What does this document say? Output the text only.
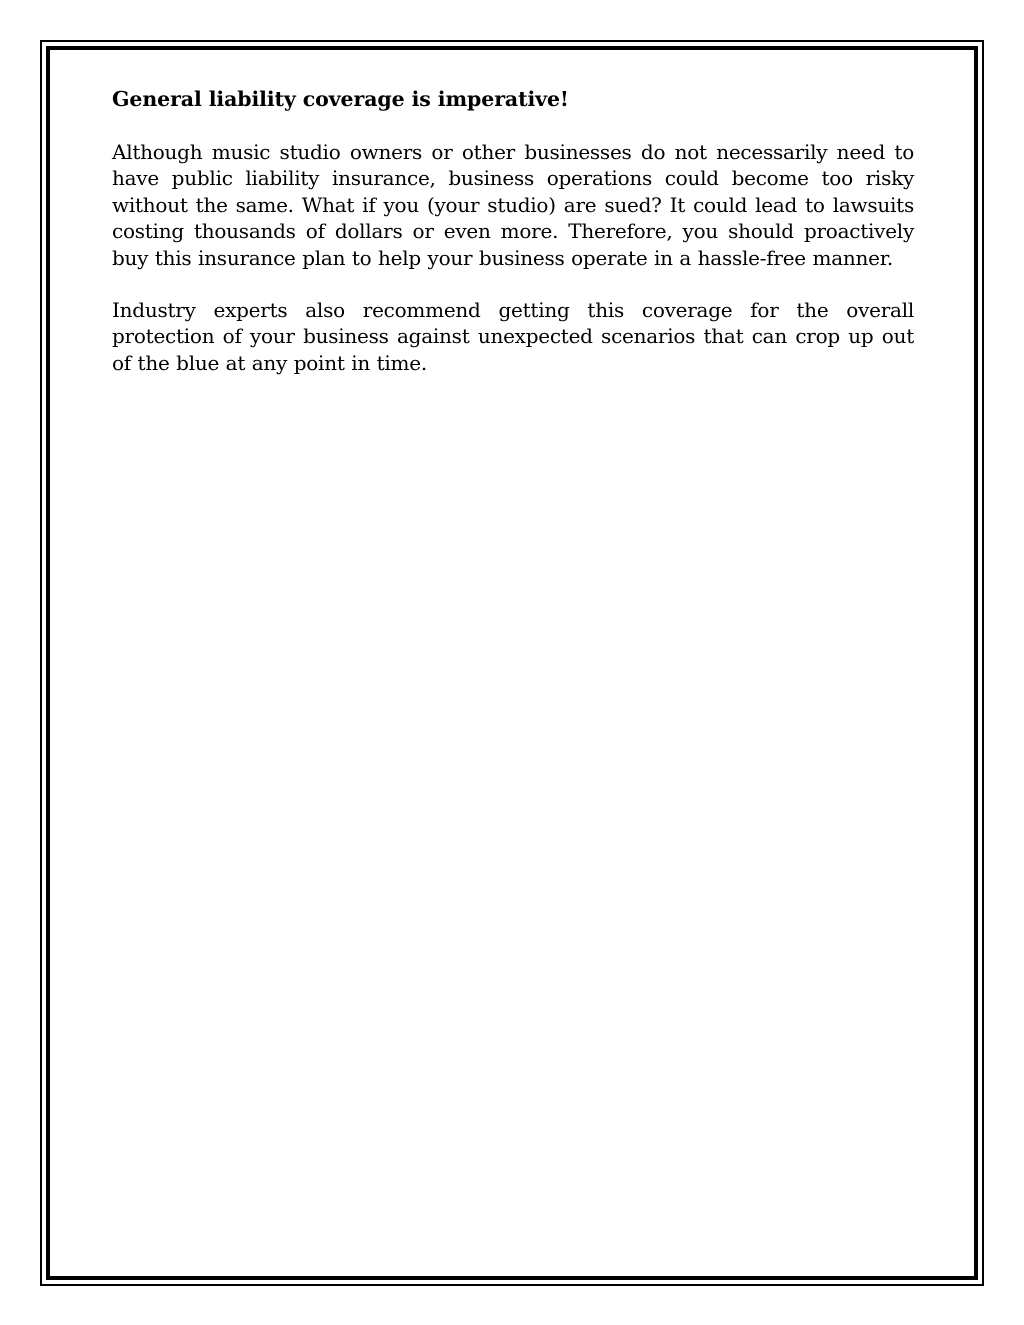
General liability coverage is imperative!

Although music studio owners or other businesses do not necessarily need to have public liability insurance, business operations could become too risky without the same. What if you (your studio) are sued? It could lead to lawsuits costing thousands of dollars or even more. Therefore, you should proactively buy this insurance plan to help your business operate in a hassle-free manner.

Industry experts also recommend getting this coverage for the overall protection of your business against unexpected scenarios that can crop up out of the blue at any point in time.
